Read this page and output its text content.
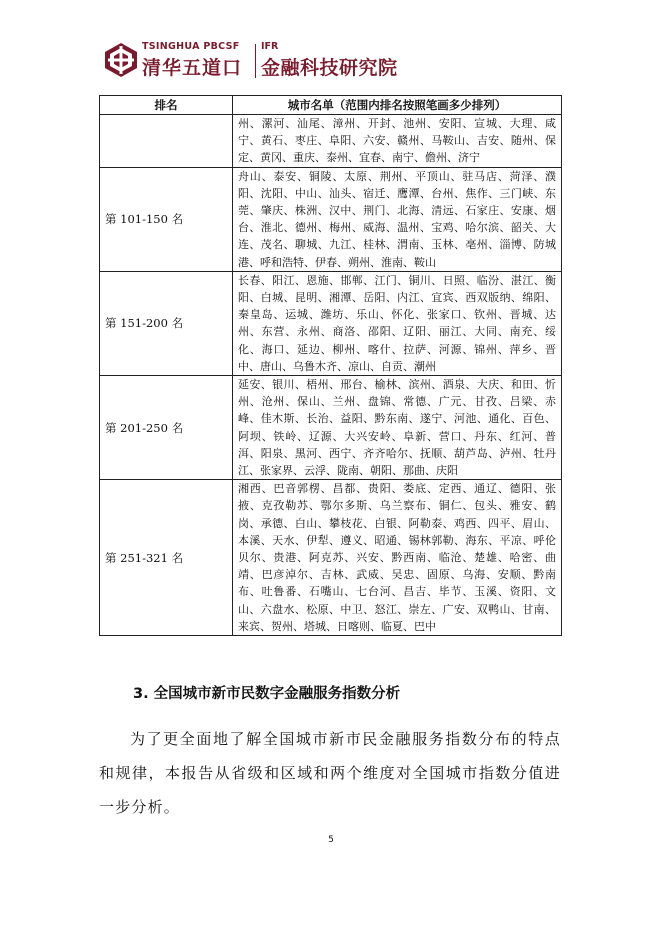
TSINGHUA PBCSF
清华五道口
IFR
金融科技研究院
排名	城市名单（范围内排名按照笔画多少排列）
	州、漯河、汕尾、漳州、开封、池州、安阳、宣城、大理、咸宁、黄石、枣庄、阜阳、六安、赣州、马鞍山、吉安、随州、保定、黄冈、重庆、泰州、宜春、南宁、儋州、济宁
第 101-150 名	舟山、泰安、铜陵、太原、荆州、平顶山、驻马店、菏泽、濮阳、沈阳、中山、汕头、宿迁、鹰潭、台州、焦作、三门峡、东莞、肇庆、株洲、汉中、荆门、北海、清远、石家庄、安康、烟台、淮北、德州、梅州、威海、温州、宝鸡、哈尔滨、韶关、大连、茂名、聊城、九江、桂林、渭南、玉林、亳州、淄博、防城港、呼和浩特、伊春、朔州、淮南、鞍山
第 151-200 名	长春、阳江、恩施、邯郸、江门、铜川、日照、临汾、湛江、衡阳、白城、昆明、湘潭、岳阳、内江、宜宾、西双版纳、绵阳、秦皇岛、运城、潍坊、乐山、怀化、张家口、钦州、晋城、达州、东营、永州、商洛、邵阳、辽阳、丽江、大同、南充、绥化、海口、延边、柳州、喀什、拉萨、河源、锦州、萍乡、晋中、唐山、乌鲁木齐、凉山、自贡、潮州
第 201-250 名	延安、银川、梧州、邢台、榆林、滨州、酒泉、大庆、和田、忻州、沧州、保山、兰州、盘锦、常德、广元、甘孜、吕梁、赤峰、佳木斯、长治、益阳、黔东南、遂宁、河池、通化、百色、阿坝、铁岭、辽源、大兴安岭、阜新、营口、丹东、红河、普洱、阳泉、黑河、西宁、齐齐哈尔、抚顺、葫芦岛、泸州、牡丹江、张家界、云浮、陇南、朝阳、那曲、庆阳
第 251-321 名	湘西、巴音郭楞、昌都、贵阳、娄底、定西、通辽、德阳、张掖、克孜勒苏、鄂尔多斯、乌兰察布、铜仁、包头、雅安、鹤岗、承德、白山、攀枝花、白银、阿勒泰、鸡西、四平、眉山、本溪、天水、伊犁、遵义、昭通、锡林郭勒、海东、平凉、呼伦贝尔、贵港、阿克苏、兴安、黔西南、临沧、楚雄、哈密、曲靖、巴彦淖尔、吉林、武威、吴忠、固原、乌海、安顺、黔南布、吐鲁番、石嘴山、七台河、昌吉、毕节、玉溪、资阳、文山、六盘水、松原、中卫、怒江、崇左、广安、双鸭山、甘南、来宾、贺州、塔城、日喀则、临夏、巴中
3. 全国城市新市民数字金融服务指数分析

为了更全面地了解全国城市新市民金融服务指数分布的特点和规律，本报告从省级和区域和两个维度对全国城市指数分值进一步分析。

5
